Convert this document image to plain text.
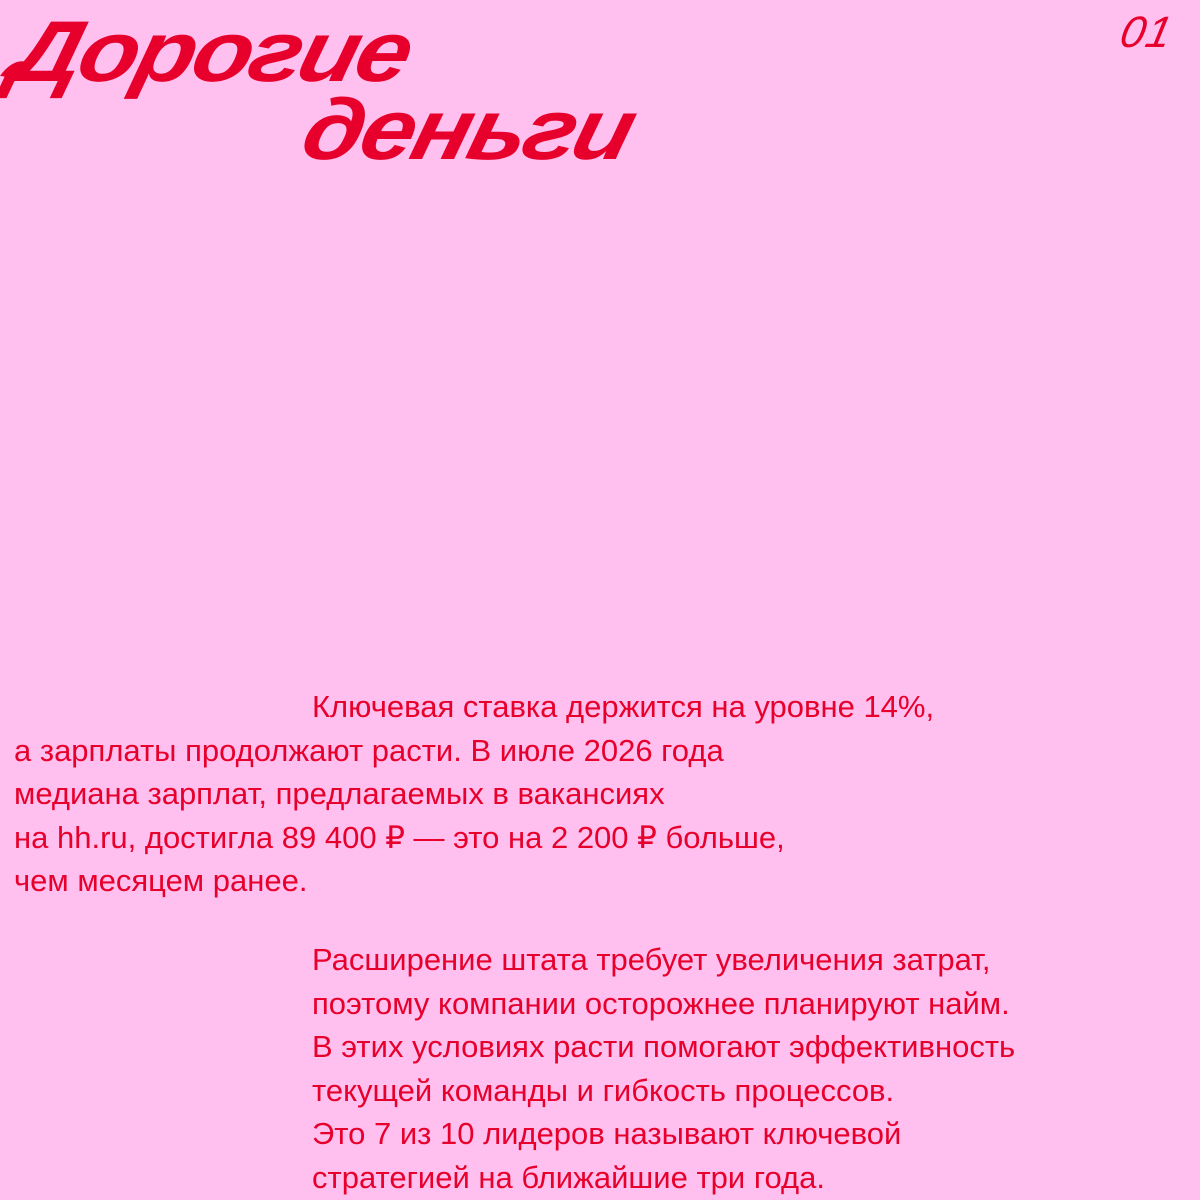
Дорогие
деньги
01

Ключевая ставка держится на уровне 14%,
а зарплаты продолжают расти. В июле 2026 года
медиана зарплат, предлагаемых в вакансиях
на hh.ru, достигла 89 400 ₽ — это на 2 200 ₽ больше,
чем месяцем ранее.

Расширение штата требует увеличения затрат,
поэтому компании осторожнее планируют найм.
В этих условиях расти помогают эффективность
текущей команды и гибкость процессов.
Это 7 из 10 лидеров называют ключевой
стратегией на ближайшие три года.
